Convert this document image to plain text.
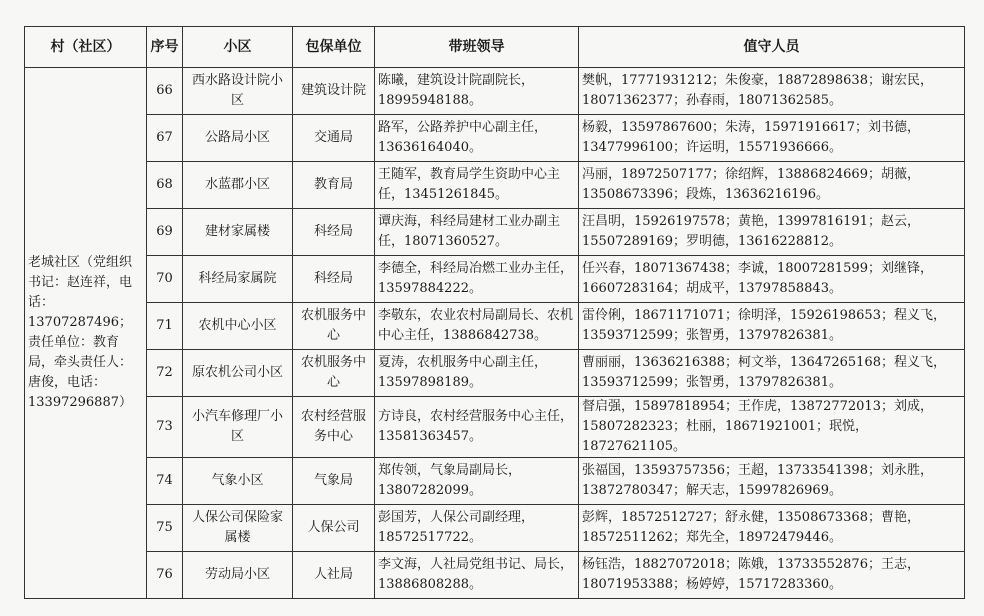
村（社区）	序号	小区	包保单位	带班领导	值守人员
老城社区（党组织书记：赵连祥，电话：13707287496；责任单位：教育局，牵头责任人：唐俊，电话：13397296887）	66	西水路设计院小区	建筑设计院	陈曦，建筑设计院副院长，18995948188。	樊帆，17771931212；朱俊豪，18872898638；谢宏民，18071362377；孙春雨，18071362585。
	67	公路局小区	交通局	路军，公路养护中心副主任，13636164040。	杨毅，13597867600；朱涛，15971916617；刘书德，13477996100；许运明，15571936666。
	68	水蓝郡小区	教育局	王随军，教育局学生资助中心主任，13451261845。	冯丽，18972507177；徐绍辉，13886824669；胡薇，13508673396；段炼，13636216196。
	69	建材家属楼	科经局	谭庆海，科经局建材工业办副主任，18071360527。	汪昌明，15926197578；黄艳，13997816191；赵云，15507289169；罗明德，13616228812。
	70	科经局家属院	科经局	李德全，科经局冶燃工业办主任，13597884222。	任兴春，18071367438；李诚，18007281599；刘继锋，16607283164；胡成平，13797858843。
	71	农机中心小区	农机服务中心	李敬东，农业农村局副局长、农机中心主任，13886842738。	雷伶俐，18671171071；徐明泽，15926198653；程义飞，13593712599；张智勇，13797826381。
	72	原农机公司小区	农机服务中心	夏涛，农机服务中心副主任，13597898189。	曹丽丽，13636216388；柯文举，13647265168；程义飞，13593712599；张智勇，13797826381。
	73	小汽车修理厂小区	农村经营服务中心	方诗良，农村经营服务中心主任，13581363457。	督启强，15897818954；王作虎，13872772013；刘成，15807282323；杜丽，18671921001；珉悦，18727621105。
	74	气象小区	气象局	郑传领，气象局副局长，13807282099。	张福国，13593757356；王超，13733541398；刘永胜，13872780347；解天志，15997826969。
	75	人保公司保险家属楼	人保公司	彭国芳，人保公司副经理，18572517722。	彭辉，18572512727；舒永健，13508673368；曹艳，18572511262；郑先全，18972479446。
	76	劳动局小区	人社局	李文海，人社局党组书记、局长，13886808288。	杨钰浩，18827072018；陈娥，13733552876；王志，18071953388；杨婷婷，15717283360。
